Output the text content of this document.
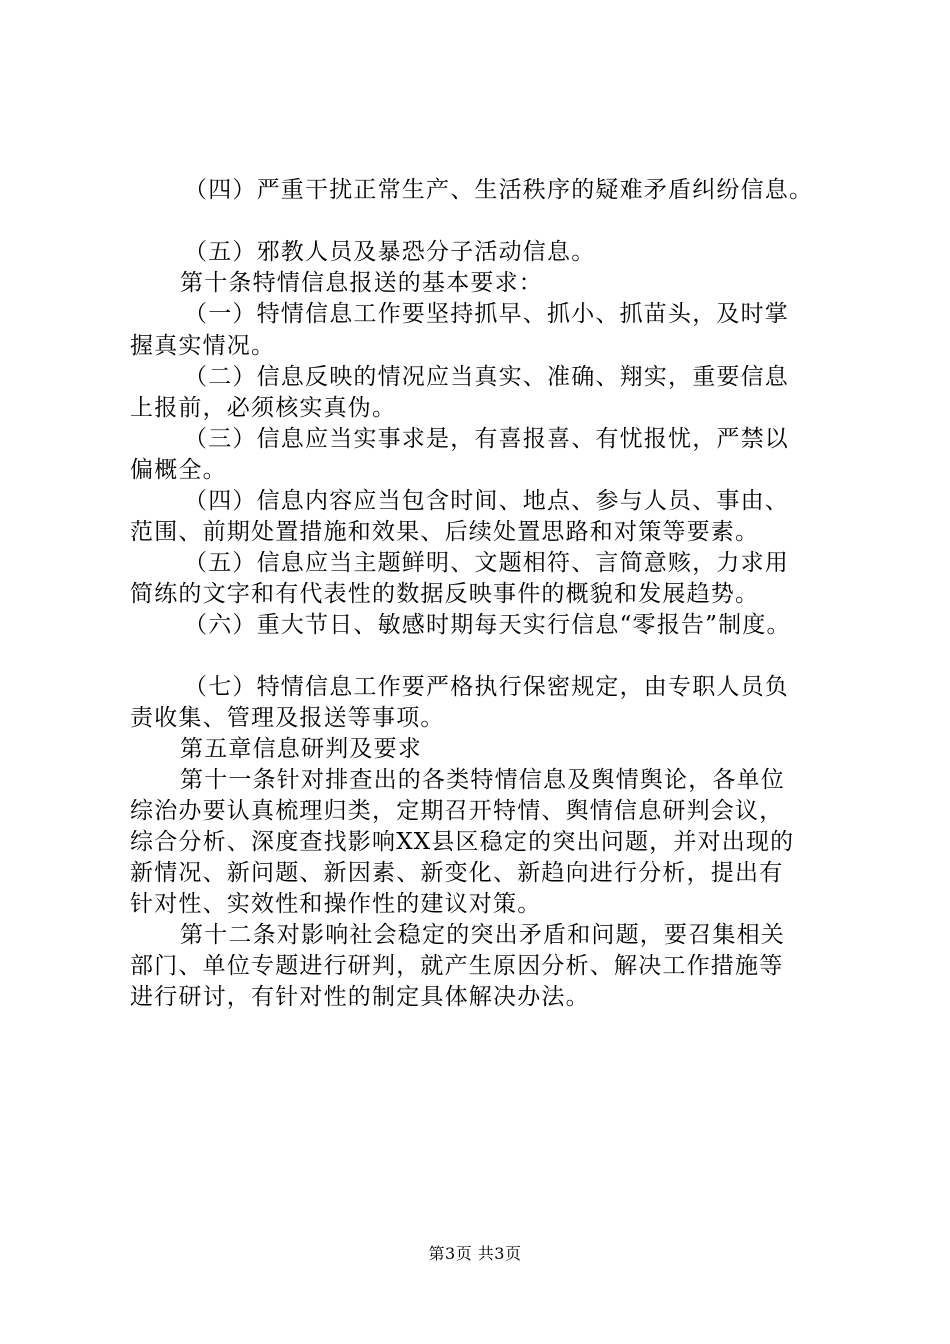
（四）严重干扰正常生产、生活秩序的疑难矛盾纠纷信息。
（五）邪教人员及暴恐分子活动信息。
第十条特情信息报送的基本要求：
（一）特情信息工作要坚持抓早、抓小、抓苗头，及时掌
握真实情况。
（二）信息反映的情况应当真实、准确、翔实，重要信息
上报前，必须核实真伪。
（三）信息应当实事求是，有喜报喜、有忧报忧，严禁以
偏概全。
（四）信息内容应当包含时间、地点、参与人员、事由、
范围、前期处置措施和效果、后续处置思路和对策等要素。
（五）信息应当主题鲜明、文题相符、言简意赅，力求用
简练的文字和有代表性的数据反映事件的概貌和发展趋势。
（六）重大节日、敏感时期每天实行信息“零报告”制度。
（七）特情信息工作要严格执行保密规定，由专职人员负
责收集、管理及报送等事项。
第五章信息研判及要求
第十一条针对排查出的各类特情信息及舆情舆论，各单位
综治办要认真梳理归类，定期召开特情、舆情信息研判会议，
综合分析、深度查找影响XX县区稳定的突出问题，并对出现的
新情况、新问题、新因素、新变化、新趋向进行分析，提出有
针对性、实效性和操作性的建议对策。
第十二条对影响社会稳定的突出矛盾和问题，要召集相关
部门、单位专题进行研判，就产生原因分析、解决工作措施等
进行研讨，有针对性的制定具体解决办法。
第3页 共3页
